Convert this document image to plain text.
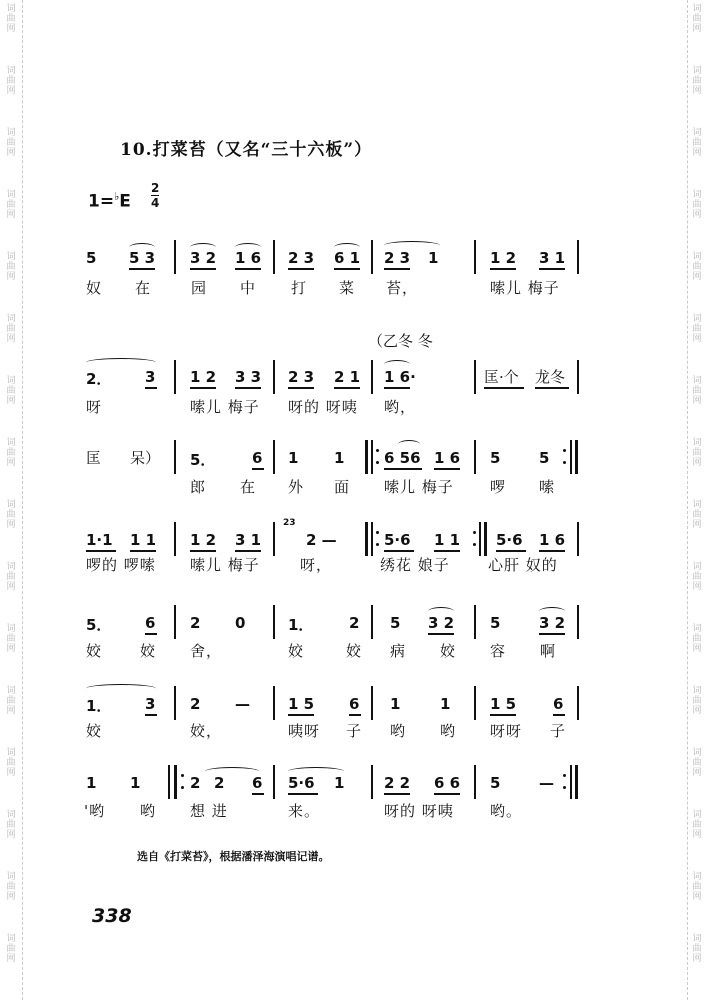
词
曲
网
词
曲
网
词
曲
网
词
曲
网
词
曲
网
词
曲
网
词
曲
网
词
曲
网
词
曲
网
词
曲
网
词
曲
网
词
曲
网
词
曲
网
词
曲
网
词
曲
网
词
曲
网
词
曲
网
词
曲
网
词
曲
网
词
曲
网
词
曲
网
词
曲
网
词
曲
网
词
曲
网
词
曲
网
词
曲
网
词
曲
网
词
曲
网
词
曲
网
词
曲
网
词
曲
网
词
曲
网
10.打菜苔（又名“三十六板”）
1=♭E
2
4
5 5 3 3 2 1 6 2 3 6 1 2 3 1	1 2 3 1
奴 在	园 中 打 菜 苔，	嗦儿 梅子
（乙冬 冬
2． 3 1 2 3 3 2 3 2 1 1 6·	匡·个 龙冬
呀	嗦儿 梅子 呀的 呀咦 哟，
匡 呆） 5． 6 1 1	6 56 1 6 5	5
郎 在 外 面 嗦儿 梅子 啰 嗦
1·1 1 1 1 2 3 1
23
2 —	5·6 1 1 5·6 1 6
啰的 啰嗦 嗦儿 梅子	呀，	绣花 娘子	心肝 奴的
5． 6 2 0	1． 2 5 3 2 5	3 2
姣	姣 舍，	姣	姣 病 姣 容 啊
1． 3 2 —	1 5 6 1	1	1 5 6
姣	姣，	咦呀 子 哟 哟 呀呀 子
1 1	2 2 6 5·6 1	2 2 6 6 5	—
'哟 哟 想 进	来。	呀的 呀咦 哟。
选自《打菜苔》，根据潘泽海演唱记谱。
338
